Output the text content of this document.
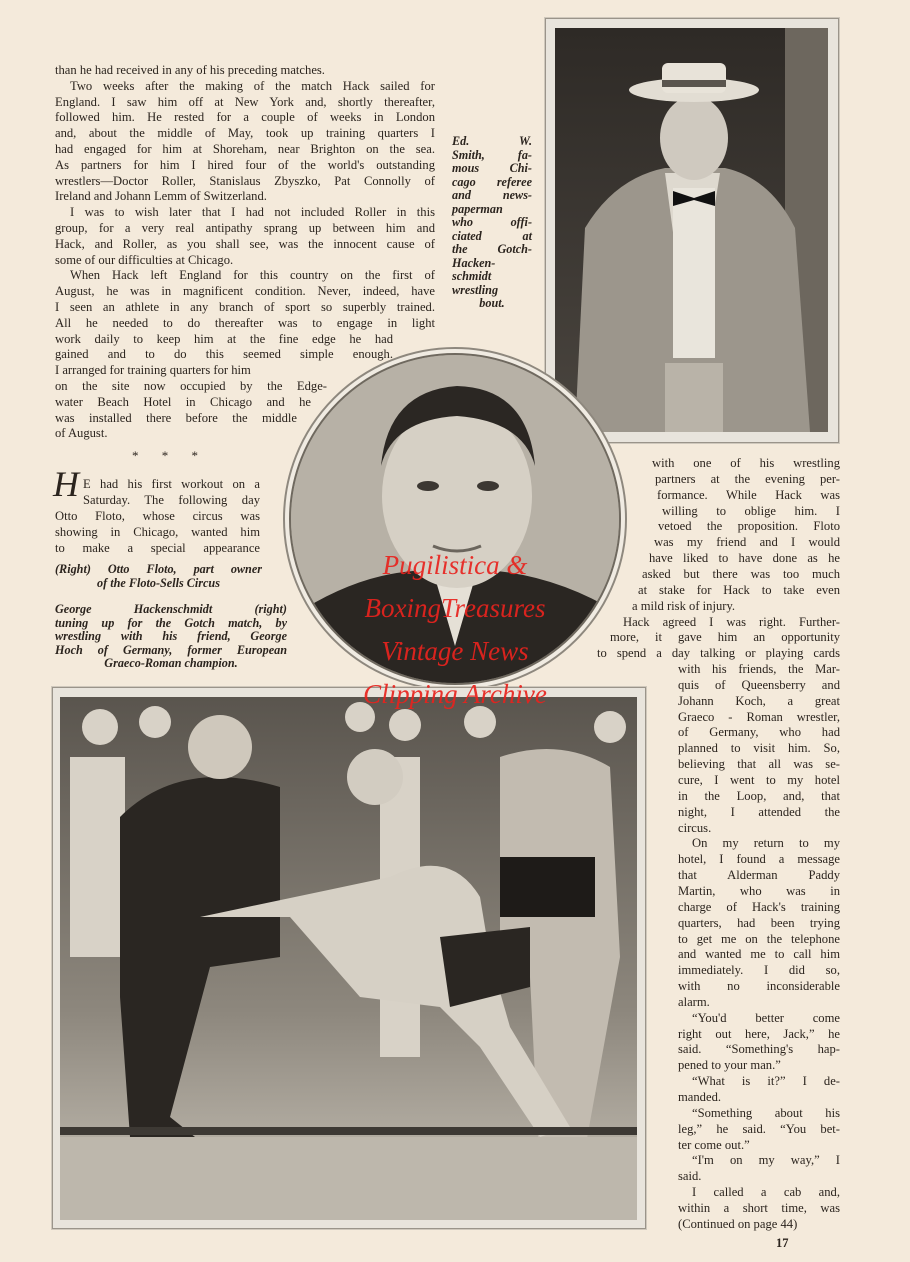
Pugilistica &
BoxingTreasures
Vintage News
Clipping Archive
than he had received in any of his preceding matches.
Two weeks after the making of the match Hack sailed for
England. I saw him off at New York and, shortly thereafter,
followed him. He rested for a couple of weeks in London
and, about the middle of May, took up training quarters I
had engaged for him at Shoreham, near Brighton on the sea.
As partners for him I hired four of the world's outstanding
wrestlers—Doctor Roller, Stanislaus Zbyszko, Pat Connolly of
Ireland and Johann Lemm of Switzerland.
I was to wish later that I had not included Roller in this
group, for a very real antipathy sprang up between him and
Hack, and Roller, as you shall see, was the innocent cause of
some of our difficulties at Chicago.
When Hack left England for this country on the first of
August, he was in magnificent condition. Never, indeed, have
I seen an athlete in any branch of sport so superbly trained.
All he needed to do thereafter was to engage in light
work daily to keep him at the fine edge he had
gained and to do this seemed simple enough.
I arranged for training quarters for him
on the site now occupied by the Edge-
water Beach Hotel in Chicago and he
was installed there before the middle
of August.
E had his first workout on a
Saturday. The following day
Otto Floto, whose circus was
showing in Chicago, wanted him
to make a special appearance
with one of his wrestling
partners at the evening per-
formance. While Hack was
willing to oblige him. I
vetoed the proposition. Floto
was my friend and I would
have liked to have done as he
asked but there was too much
at stake for Hack to take even
a mild risk of injury.
Hack agreed I was right. Further-
more, it gave him an opportunity
to spend a day talking or playing cards
with his friends, the Mar-
quis of Queensberry and
Johann Koch, a great
Graeco - Roman wrestler,
of Germany, who had
planned to visit him. So,
believing that all was se-
cure, I went to my hotel
in the Loop, and, that
night, I attended the
circus.
On my return to my
hotel, I found a message
that Alderman Paddy
Martin, who was in
charge of Hack's training
quarters, had been trying
to get me on the telephone
and wanted me to call him
immediately. I did so,
with no inconsiderable
alarm.
“You'd better come
right out here, Jack,” he
said. “Something's hap-
pened to your man.”
“What is it?” I de-
manded.
“Something about his
leg,” he said. “You bet-
ter come out.”
“I'm on my way,” I
said.
I called a cab and,
within a short time, was
(Continued on page 44)
Ed. W.
Smith, fa-
mous Chi-
cago referee
and news-
paperman
who offi-
ciated at
the Gotch-
Hacken-
schmidt
wrestling
bout.
(Right) Otto Floto, part owner
of the Floto-Sells Circus
George Hackenschmidt (right)
tuning up for the Gotch match, by
wrestling with his friend, George
Hoch of Germany, former European
Graeco-Roman champion.
* * *
H
17
